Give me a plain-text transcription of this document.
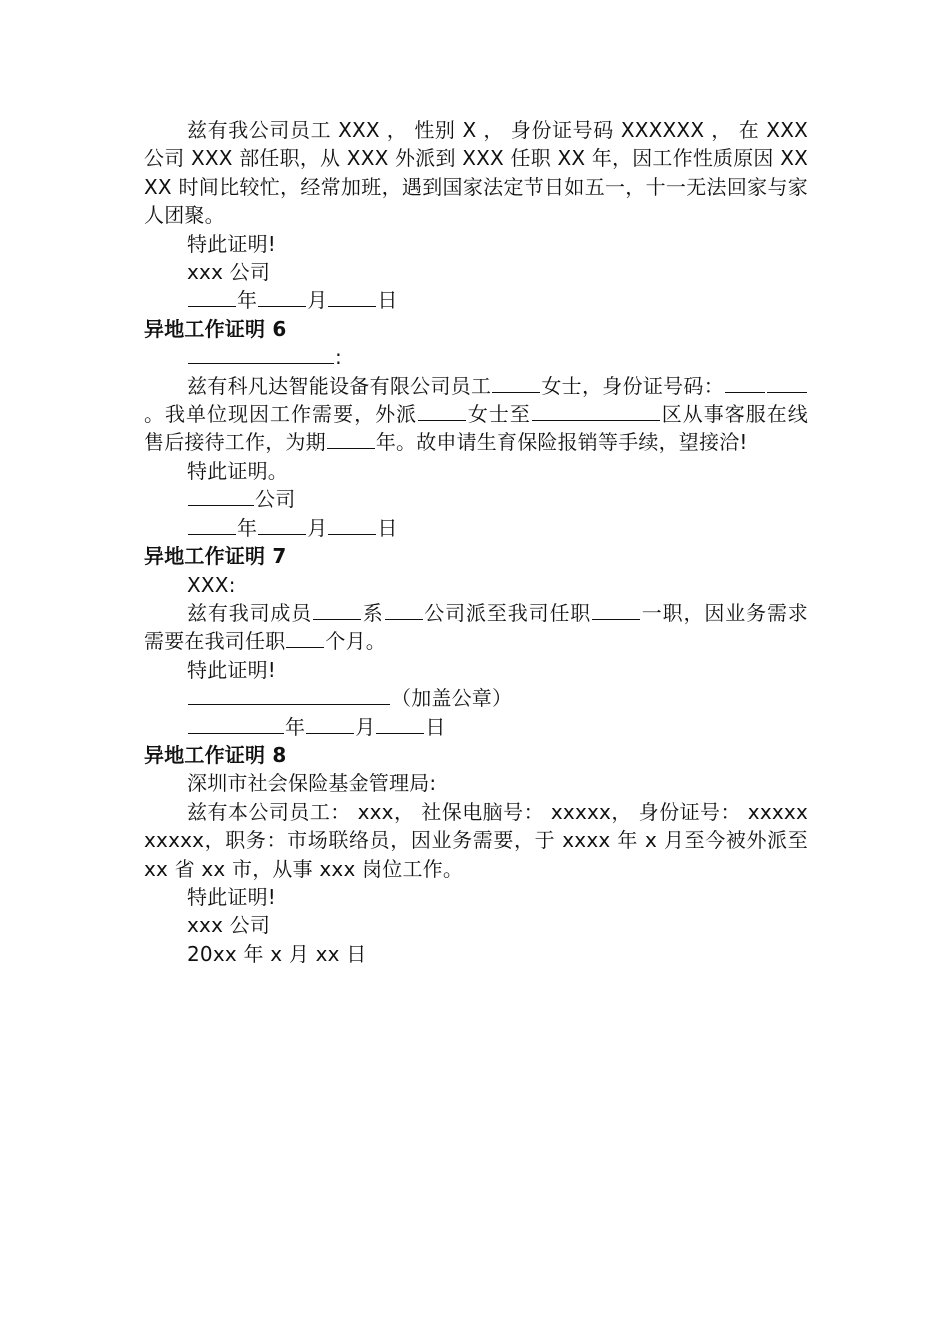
兹有我公司员工 XXX ， 性别 X ， 身份证号码 XXXXXX ， 在 XXX 公司 XXX 部任职，从 XXX 外派到 XXX 任职 XX 年，因工作性质原因 XXXX 时间比较忙，经常加班，遇到国家法定节日如五一，十一无法回家与家人团聚。

特此证明!

xxx 公司

年	月	日

异地工作证明 6

:

兹有科凡达智能设备有限公司员工	女士，身份证号码：。我单位现因工作需要，外派	女士至	区从事客服在线售后接待工作，为期	年。故申请生育保险报销等手续，望接洽!

特此证明。

公司

年	月	日

异地工作证明 7

XXX:

兹有我司成员	系 公司派至我司任职	一职，因业务需求需要在我司任职 个月。

特此证明!

（加盖公章）

年	月	日

异地工作证明 8

深圳市社会保险基金管理局:

兹有本公司员工： xxx， 社保电脑号： xxxxx， 身份证号： xxxxxxxxxx，职务：市场联络员，因业务需要，于 xxxx 年 x 月至今被外派至 xx 省 xx 市，从事 xxx 岗位工作。

特此证明!

xxx 公司

20xx 年 x 月 xx 日
